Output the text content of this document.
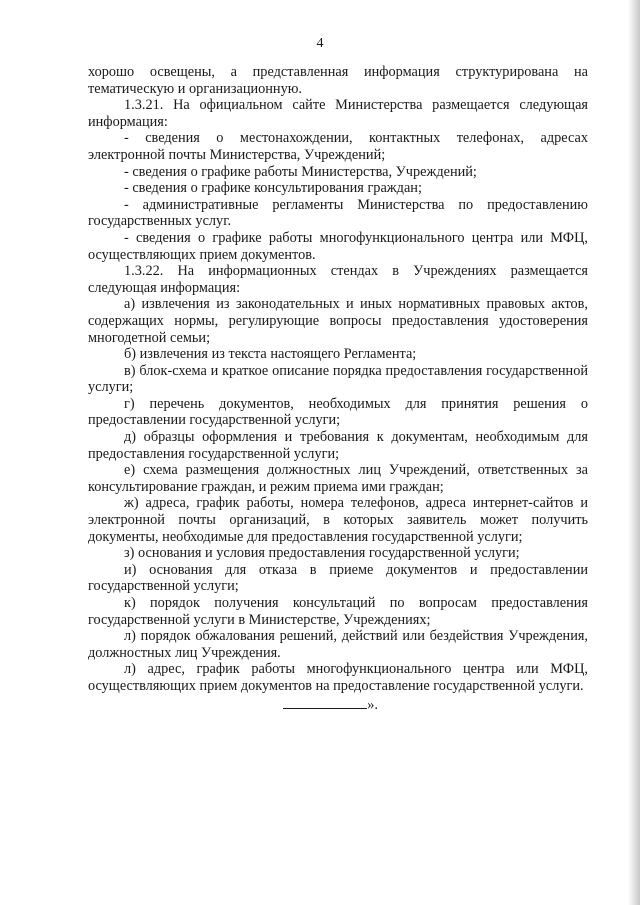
4

хорошо освещены, а представленная информация структурирована на тематическую и организационную.

1.3.21. На официальном сайте Министерства размещается следующая информация:

- сведения о местонахождении, контактных телефонах, адресах электронной почты Министерства, Учреждений;

- сведения о графике работы Министерства, Учреждений;

- сведения о графике консультирования граждан;

- административные регламенты Министерства по предоставлению государственных услуг.

- сведения о графике работы многофункционального центра или МФЦ, осуществляющих прием документов.

1.3.22. На информационных стендах в Учреждениях размещается следующая информация:

а) извлечения из законодательных и иных нормативных правовых актов, содержащих нормы, регулирующие вопросы предоставления удостоверения многодетной семьи;

б) извлечения из текста настоящего Регламента;

в) блок-схема и краткое описание порядка предоставления государственной услуги;

г) перечень документов, необходимых для принятия решения о предоставлении государственной услуги;

д) образцы оформления и требования к документам, необходимым для предоставления государственной услуги;

е) схема размещения должностных лиц Учреждений, ответственных за консультирование граждан, и режим приема ими граждан;

ж) адреса, график работы, номера телефонов, адреса интернет-сайтов и электронной почты организаций, в которых заявитель может получить документы, необходимые для предоставления государственной услуги;

з) основания и условия предоставления государственной услуги;

и) основания для отказа в приеме документов и предоставлении государственной услуги;

к) порядок получения консультаций по вопросам предоставления государственной услуги в Министерстве, Учреждениях;

л) порядок обжалования решений, действий или бездействия Учреждения, должностных лиц Учреждения.

л) адрес, график работы многофункционального центра или МФЦ, осуществляющих прием документов на предоставление государственной услуги.

».
